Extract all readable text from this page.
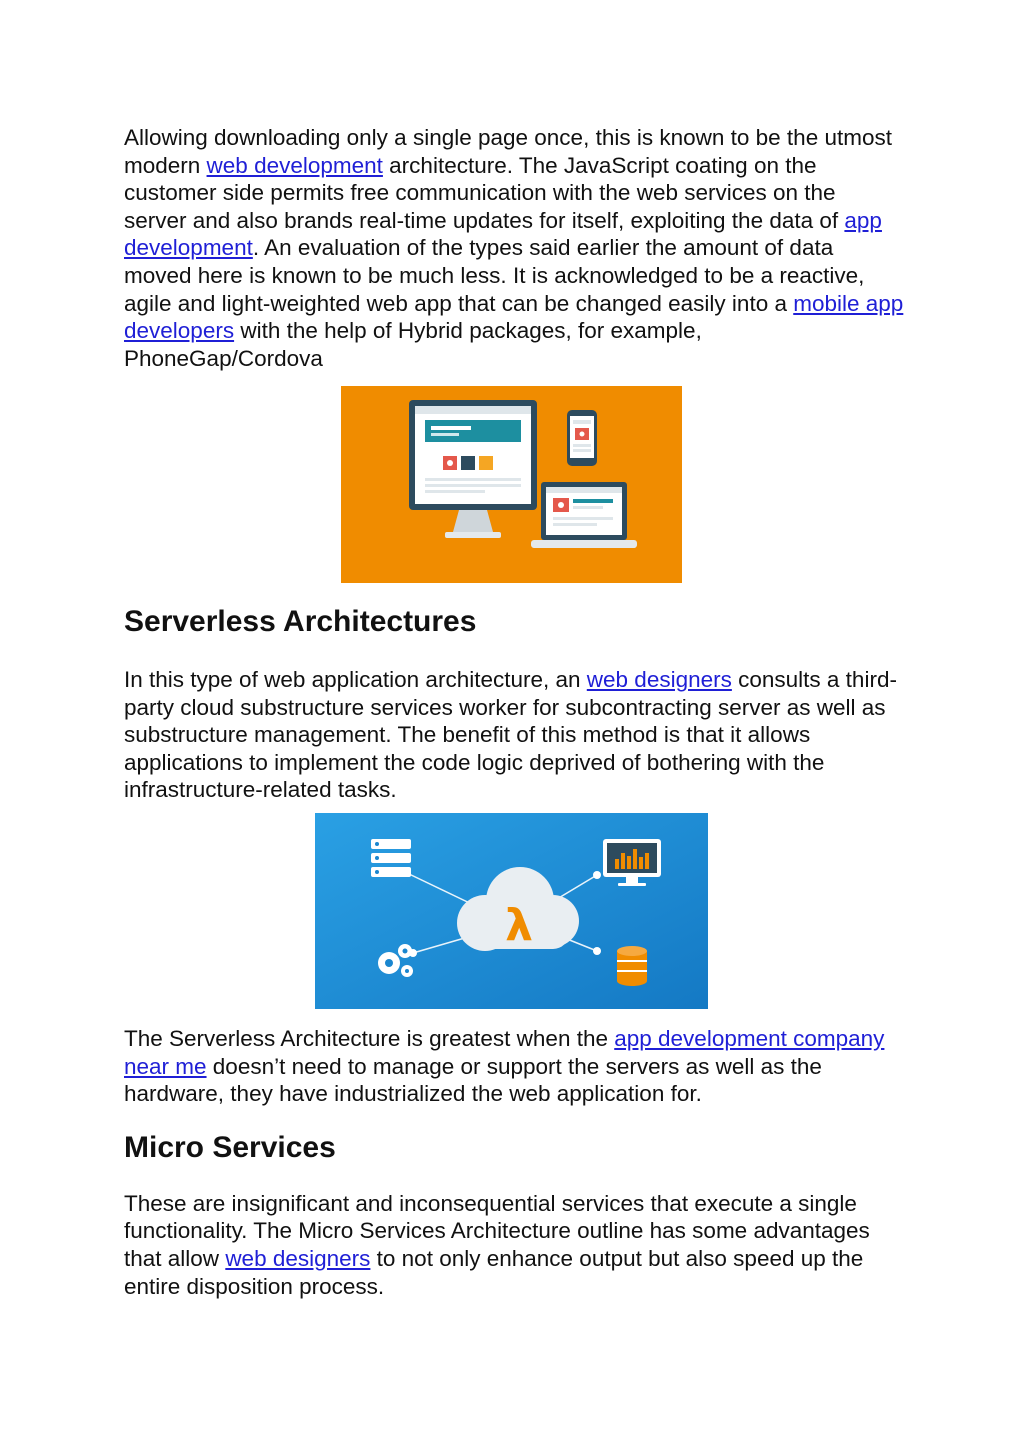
Allowing downloading only a single page once, this is known to be the utmost modern web development architecture. The JavaScript coating on the customer side permits free communication with the web services on the server and also brands real-time updates for itself, exploiting the data of app development. An evaluation of the types said earlier the amount of data moved here is known to be much less. It is acknowledged to be a reactive, agile and light-weighted web app that can be changed easily into a mobile app developers with the help of Hybrid packages, for example, PhoneGap/Cordova

Serverless Architectures

In this type of web application architecture, an web designers consults a third-party cloud substructure services worker for subcontracting server as well as substructure management. The benefit of this method is that it allows applications to implement the code logic deprived of bothering with the infrastructure-related tasks.

λ

The Serverless Architecture is greatest when the app development company near me doesn’t need to manage or support the servers as well as the hardware, they have industrialized the web application for.

Micro Services

These are insignificant and inconsequential services that execute a single functionality. The Micro Services Architecture outline has some advantages that allow web designers to not only enhance output but also speed up the entire disposition process.
